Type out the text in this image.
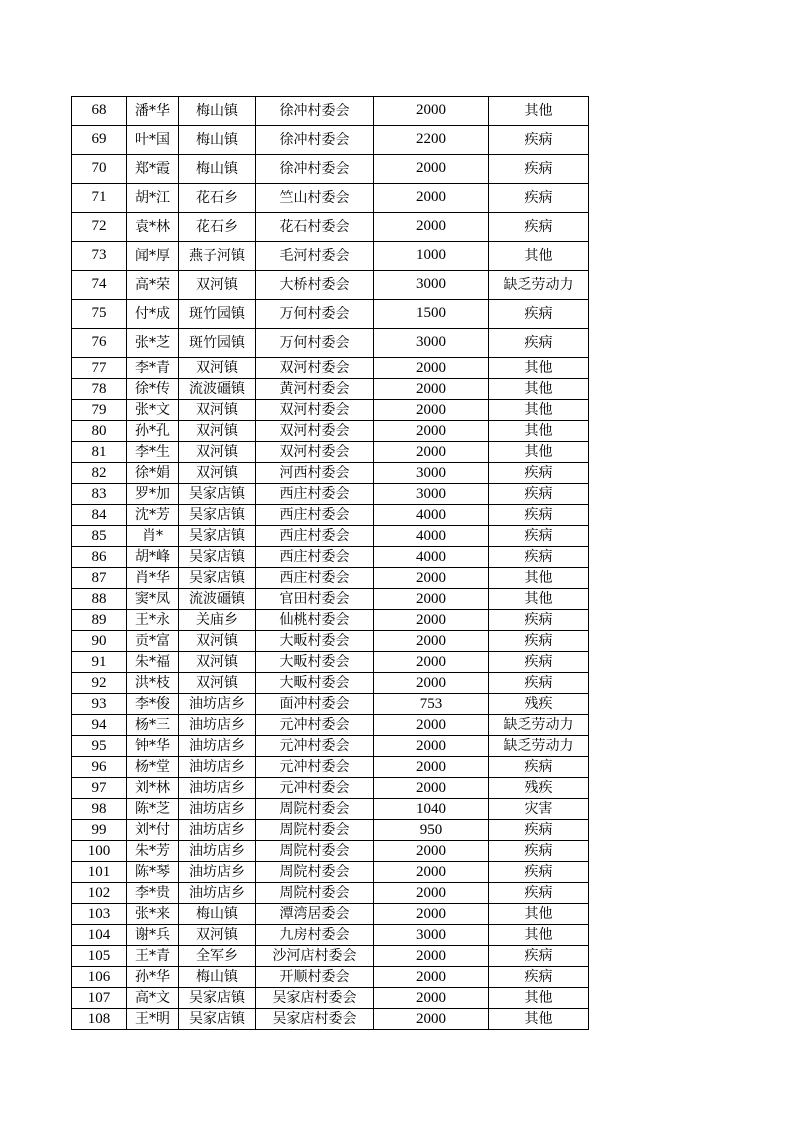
68	潘*华	梅山镇	徐冲村委会	2000	其他
69	叶*国	梅山镇	徐冲村委会	2200	疾病
70	郑*霞	梅山镇	徐冲村委会	2000	疾病
71	胡*江	花石乡	竺山村委会	2000	疾病
72	袁*林	花石乡	花石村委会	2000	疾病
73	闻*厚	燕子河镇	毛河村委会	1000	其他
74	高*荣	双河镇	大桥村委会	3000	缺乏劳动力
75	付*成	斑竹园镇	万何村委会	1500	疾病
76	张*芝	斑竹园镇	万何村委会	3000	疾病
77	李*青	双河镇	双河村委会	2000	其他
78	徐*传	流波礓镇	黄河村委会	2000	其他
79	张*文	双河镇	双河村委会	2000	其他
80	孙*孔	双河镇	双河村委会	2000	其他
81	李*生	双河镇	双河村委会	2000	其他
82	徐*娟	双河镇	河西村委会	3000	疾病
83	罗*加	吴家店镇	西庄村委会	3000	疾病
84	沈*芳	吴家店镇	西庄村委会	4000	疾病
85	肖*	吴家店镇	西庄村委会	4000	疾病
86	胡*峰	吴家店镇	西庄村委会	4000	疾病
87	肖*华	吴家店镇	西庄村委会	2000	其他
88	窦*凤	流波礓镇	官田村委会	2000	其他
89	王*永	关庙乡	仙桃村委会	2000	疾病
90	贡*富	双河镇	大畈村委会	2000	疾病
91	朱*福	双河镇	大畈村委会	2000	疾病
92	洪*枝	双河镇	大畈村委会	2000	疾病
93	李*俊	油坊店乡	面冲村委会	753	残疾
94	杨*三	油坊店乡	元冲村委会	2000	缺乏劳动力
95	钟*华	油坊店乡	元冲村委会	2000	缺乏劳动力
96	杨*堂	油坊店乡	元冲村委会	2000	疾病
97	刘*林	油坊店乡	元冲村委会	2000	残疾
98	陈*芝	油坊店乡	周院村委会	1040	灾害
99	刘*付	油坊店乡	周院村委会	950	疾病
100	朱*芳	油坊店乡	周院村委会	2000	疾病
101	陈*琴	油坊店乡	周院村委会	2000	疾病
102	李*贵	油坊店乡	周院村委会	2000	疾病
103	张*来	梅山镇	潭湾居委会	2000	其他
104	谢*兵	双河镇	九房村委会	3000	其他
105	王*青	全军乡	沙河店村委会	2000	疾病
106	孙*华	梅山镇	开顺村委会	2000	疾病
107	高*文	吴家店镇	吴家店村委会	2000	其他
108	王*明	吴家店镇	吴家店村委会	2000	其他
